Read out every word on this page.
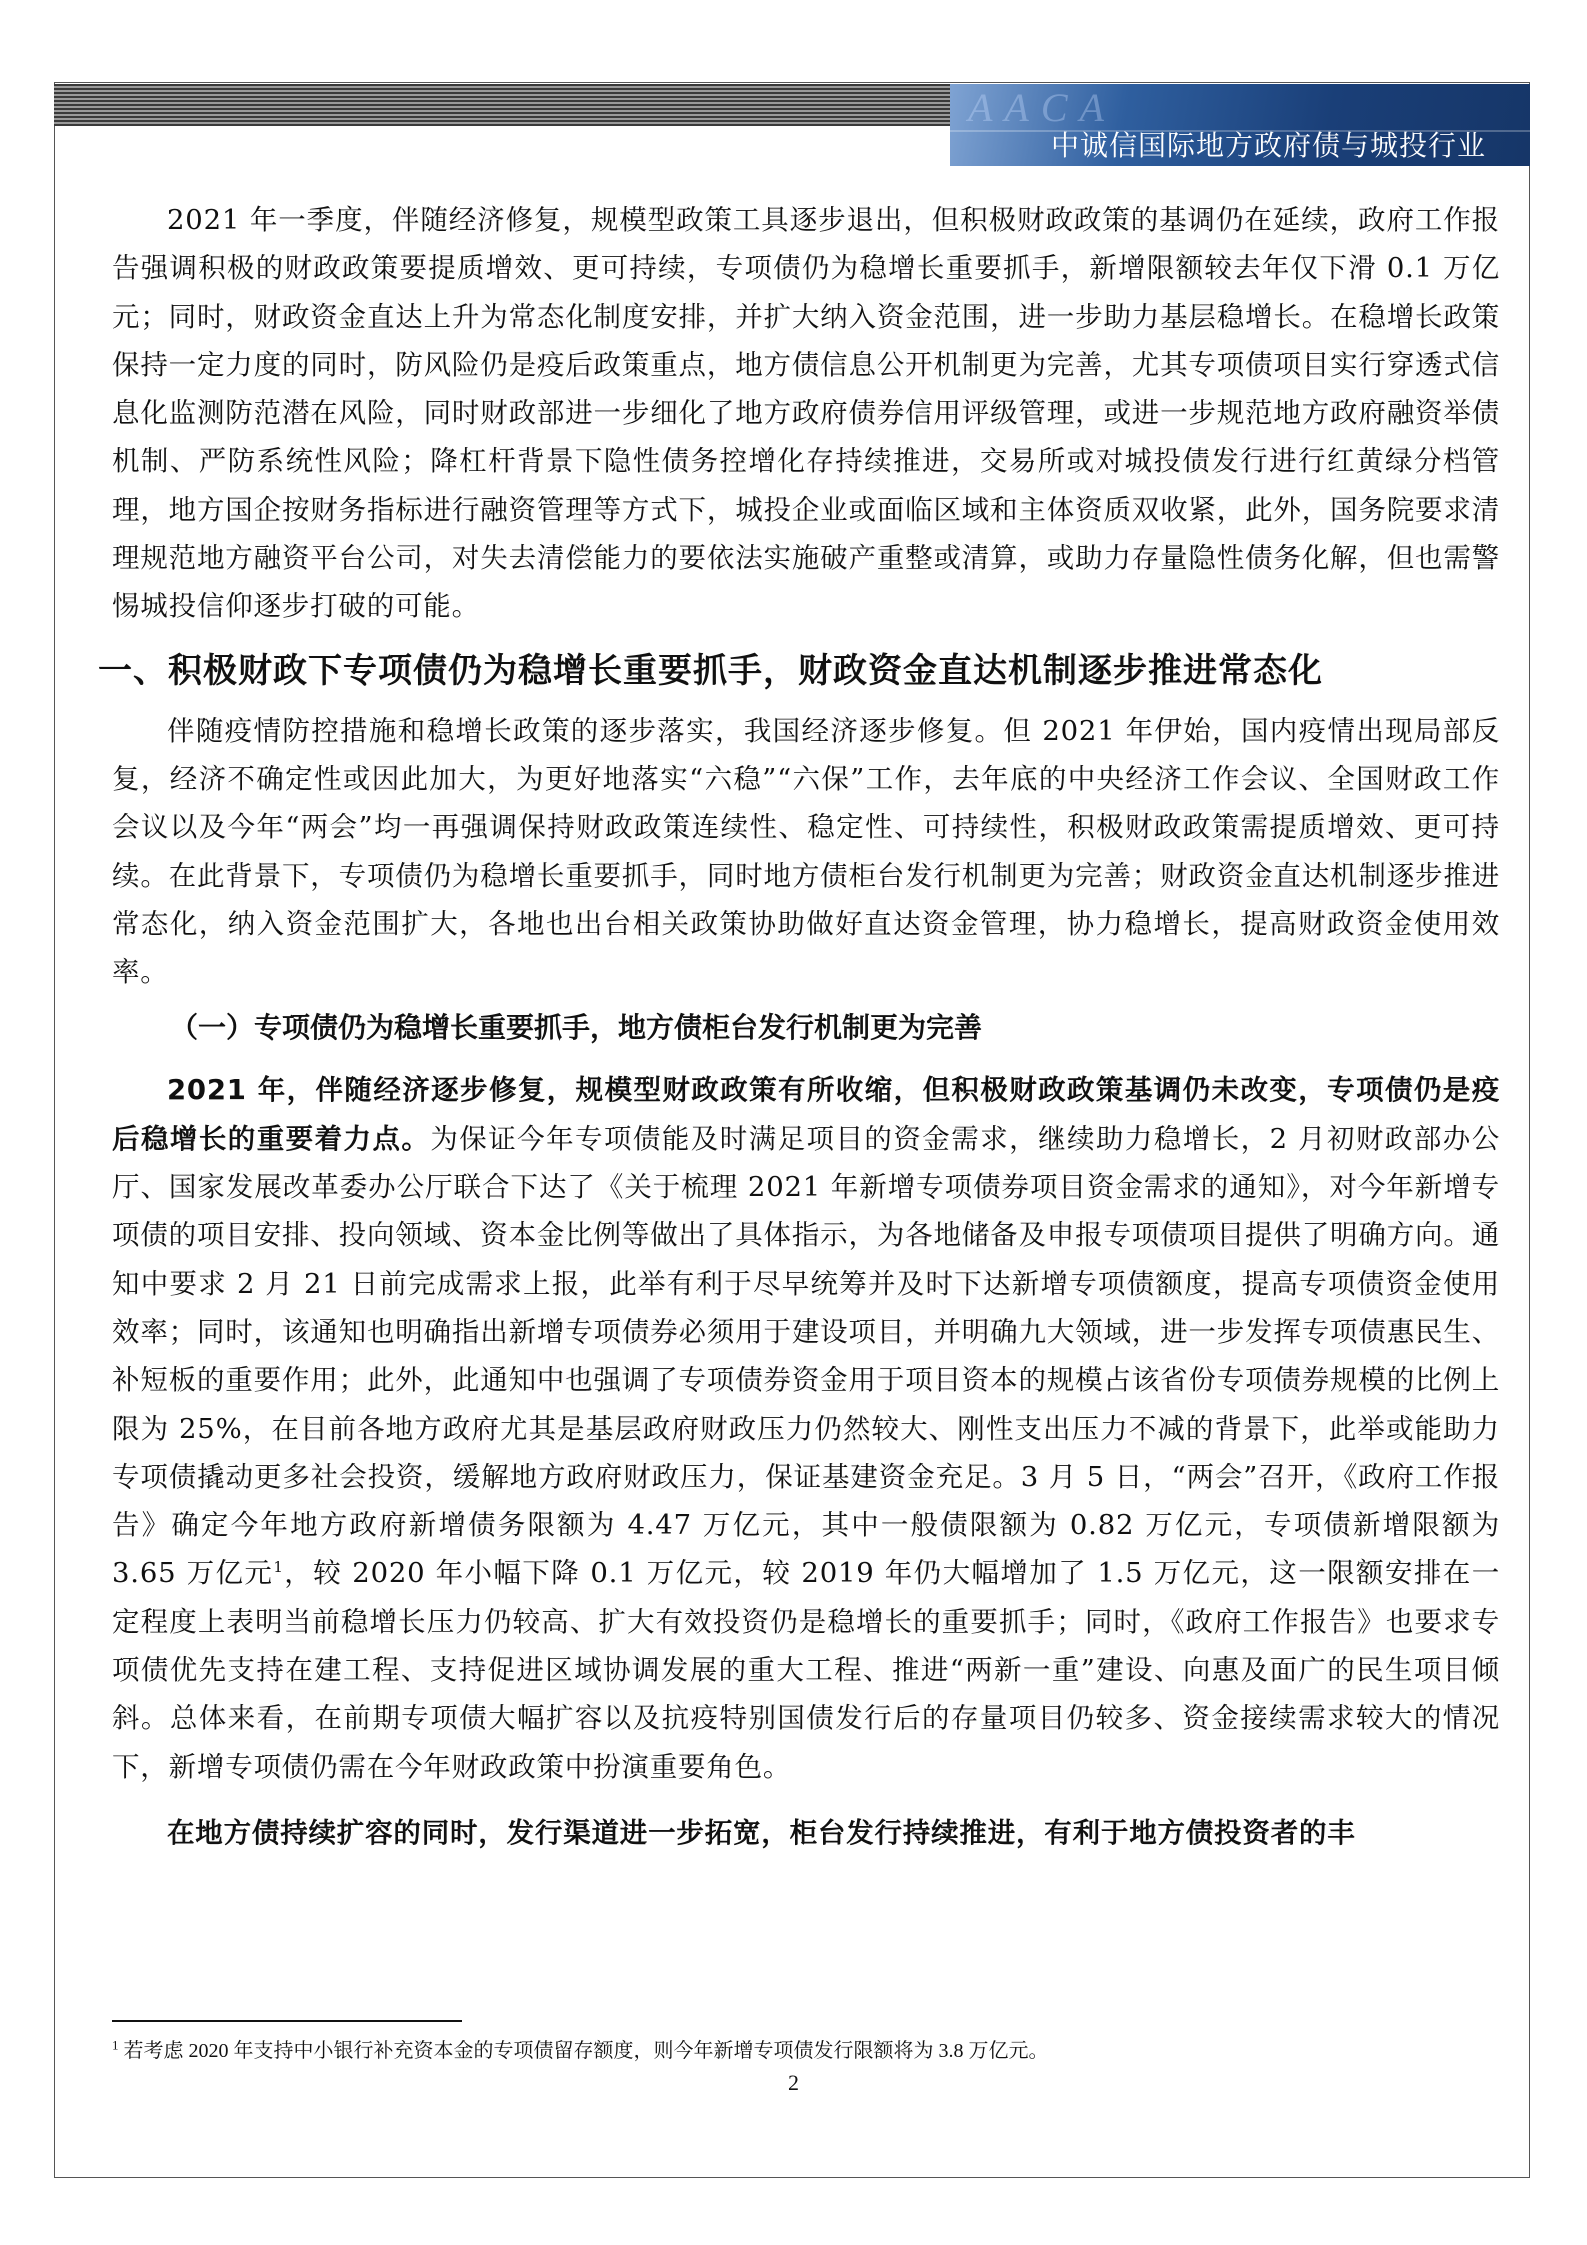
AACA
中诚信国际地方政府债与城投行业

2021 年一季度，伴随经济修复，规模型政策工具逐步退出，但积极财政政策的基调仍在延续，政府工作报告强调积极的财政政策要提质增效、更可持续，专项债仍为稳增长重要抓手，新增限额较去年仅下滑 0.1 万亿元；同时，财政资金直达上升为常态化制度安排，并扩大纳入资金范围，进一步助力基层稳增长。在稳增长政策保持一定力度的同时，防风险仍是疫后政策重点，地方债信息公开机制更为完善，尤其专项债项目实行穿透式信息化监测防范潜在风险，同时财政部进一步细化了地方政府债券信用评级管理，或进一步规范地方政府融资举债机制、严防系统性风险；降杠杆背景下隐性债务控增化存持续推进，交易所或对城投债发行进行红黄绿分档管理，地方国企按财务指标进行融资管理等方式下，城投企业或面临区域和主体资质双收紧，此外，国务院要求清理规范地方融资平台公司，对失去清偿能力的要依法实施破产重整或清算，或助力存量隐性债务化解，但也需警惕城投信仰逐步打破的可能。

一、积极财政下专项债仍为稳增长重要抓手，财政资金直达机制逐步推进常态化

伴随疫情防控措施和稳增长政策的逐步落实，我国经济逐步修复。但 2021 年伊始，国内疫情出现局部反复，经济不确定性或因此加大，为更好地落实“六稳”“六保”工作，去年底的中央经济工作会议、全国财政工作会议以及今年“两会”均一再强调保持财政政策连续性、稳定性、可持续性，积极财政政策需提质增效、更可持续。在此背景下，专项债仍为稳增长重要抓手，同时地方债柜台发行机制更为完善；财政资金直达机制逐步推进常态化，纳入资金范围扩大，各地也出台相关政策协助做好直达资金管理，协力稳增长，提高财政资金使用效率。

（一）专项债仍为稳增长重要抓手，地方债柜台发行机制更为完善

2021 年，伴随经济逐步修复，规模型财政政策有所收缩，但积极财政政策基调仍未改变，专项债仍是疫后稳增长的重要着力点。为保证今年专项债能及时满足项目的资金需求，继续助力稳增长，2 月初财政部办公厅、国家发展改革委办公厅联合下达了《关于梳理 2021 年新增专项债券项目资金需求的通知》，对今年新增专项债的项目安排、投向领域、资本金比例等做出了具体指示，为各地储备及申报专项债项目提供了明确方向。通知中要求 2 月 21 日前完成需求上报，此举有利于尽早统筹并及时下达新增专项债额度，提高专项债资金使用效率；同时，该通知也明确指出新增专项债券必须用于建设项目，并明确九大领域，进一步发挥专项债惠民生、补短板的重要作用；此外，此通知中也强调了专项债券资金用于项目资本的规模占该省份专项债券规模的比例上限为 25%，在目前各地方政府尤其是基层政府财政压力仍然较大、刚性支出压力不减的背景下，此举或能助力专项债撬动更多社会投资，缓解地方政府财政压力，保证基建资金充足。3 月 5 日，“两会”召开，《政府工作报告》确定今年地方政府新增债务限额为 4.47 万亿元，其中一般债限额为 0.82 万亿元，专项债新增限额为 3.65 万亿元$^1$，较 2020 年小幅下降 0.1 万亿元，较 2019 年仍大幅增加了 1.5 万亿元，这一限额安排在一定程度上表明当前稳增长压力仍较高、扩大有效投资仍是稳增长的重要抓手；同时，《政府工作报告》也要求专项债优先支持在建工程、支持促进区域协调发展的重大工程、推进“两新一重”建设、向惠及面广的民生项目倾斜。总体来看，在前期专项债大幅扩容以及抗疫特别国债发行后的存量项目仍较多、资金接续需求较大的情况下，新增专项债仍需在今年财政政策中扮演重要角色。

在地方债持续扩容的同时，发行渠道进一步拓宽，柜台发行持续推进，有利于地方债投资者的丰

$^1$ 若考虑 2020 年支持中小银行补充资本金的专项债留存额度，则今年新增专项债发行限额将为 3.8 万亿元。
2
